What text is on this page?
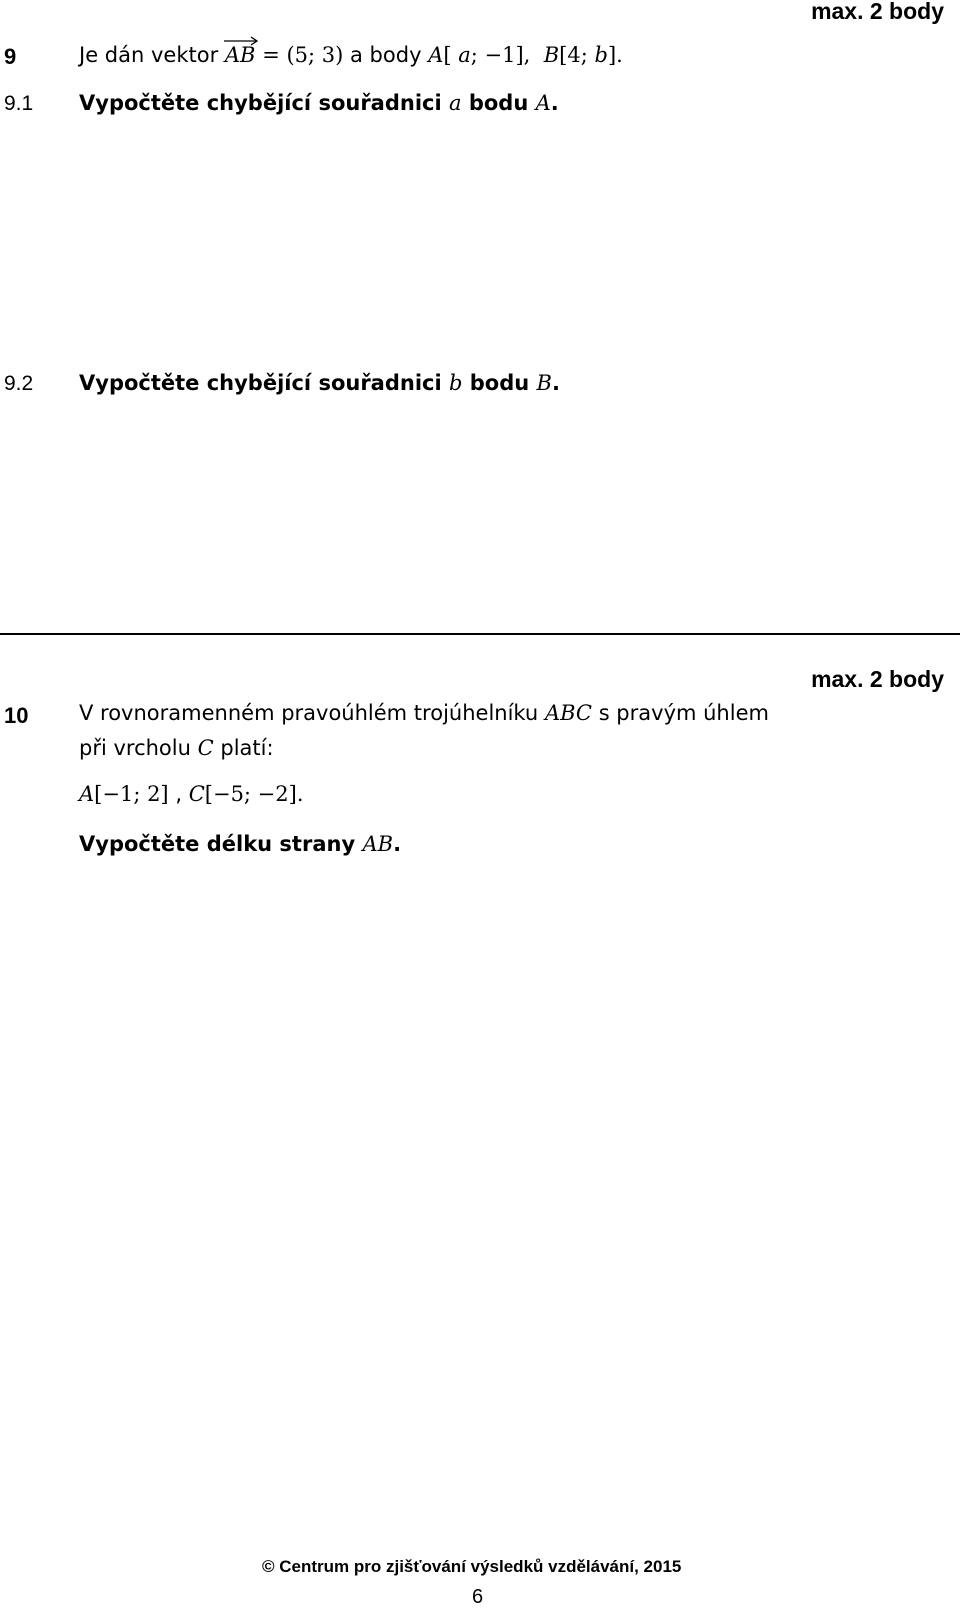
max. 2 body
9	Je dán vektor AB = (5; 3) a body A[ a; −1], B[4; b].
9.1 Vypočtěte chybějící souřadnici a bodu A.
9.2 Vypočtěte chybějící souřadnici b bodu B.
max. 2 body
10 V rovnoramenném pravoúhlém trojúhelníku ABC s pravým úhlem
při vrcholu C platí:
A[−1; 2] , C[−5; −2].
Vypočtěte délku strany AB.
© Centrum pro zjišťování výsledků vzdělávání, 2015
6
